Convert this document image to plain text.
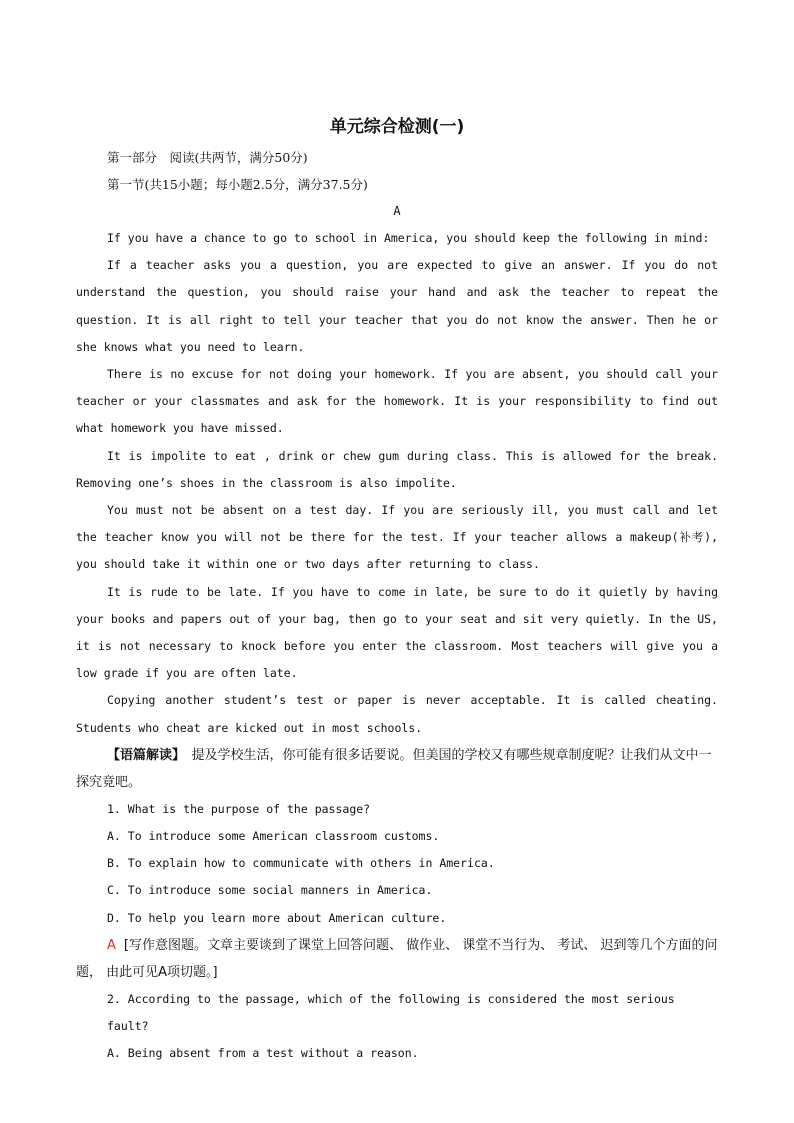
单元综合检测(一)
第一部分　阅读(共两节，满分50分)
第一节(共15小题；每小题2.5分，满分37.5分)
A

If you have a chance to go to school in America, you should keep the following in mind:

If a teacher asks you a question, you are expected to give an answer. If you do not understand the question, you should raise your hand and ask the teacher to repeat the question. It is all right to tell your teacher that you do not know the answer. Then he or she knows what you need to learn.

There is no excuse for not doing your homework. If you are absent, you should call your teacher or your classmates and ask for the homework. It is your responsibility to find out what homework you have missed.

It is impolite to eat , drink or chew gum during class. This is allowed for the break. Removing one’s shoes in the classroom is also impolite.

You must not be absent on a test day. If you are seriously ill, you must call and let the teacher know you will not be there for the test. If your teacher allows a makeup(补考), you should take it within one or two days after returning to class.

It is rude to be late. If you have to come in late, be sure to do it quietly by having your books and papers out of your bag, then go to your seat and sit very quietly. In the US, it is not necessary to knock before you enter the classroom. Most teachers will give you a low grade if you are often late.

Copying another student’s test or paper is never acceptable. It is called cheating. Students who cheat are kicked out in most schools.

【语篇解读】　提及学校生活，你可能有很多话要说。但美国的学校又有哪些规章制度呢？让我们从文中一探究竟吧。

1. What is the purpose of the passage?

A. To introduce some American classroom customs.

B. To explain how to communicate with others in America.

C. To introduce some social manners in America.

D. To help you learn more about American culture.

A [写作意图题。文章主要谈到了课堂上回答问题、 做作业、 课堂不当行为、 考试、 迟到等几个方面的问题， 由此可见A项切题。]

2. According to the passage, which of the following is considered the most serious fault?

A. Being absent from a test without a reason.
